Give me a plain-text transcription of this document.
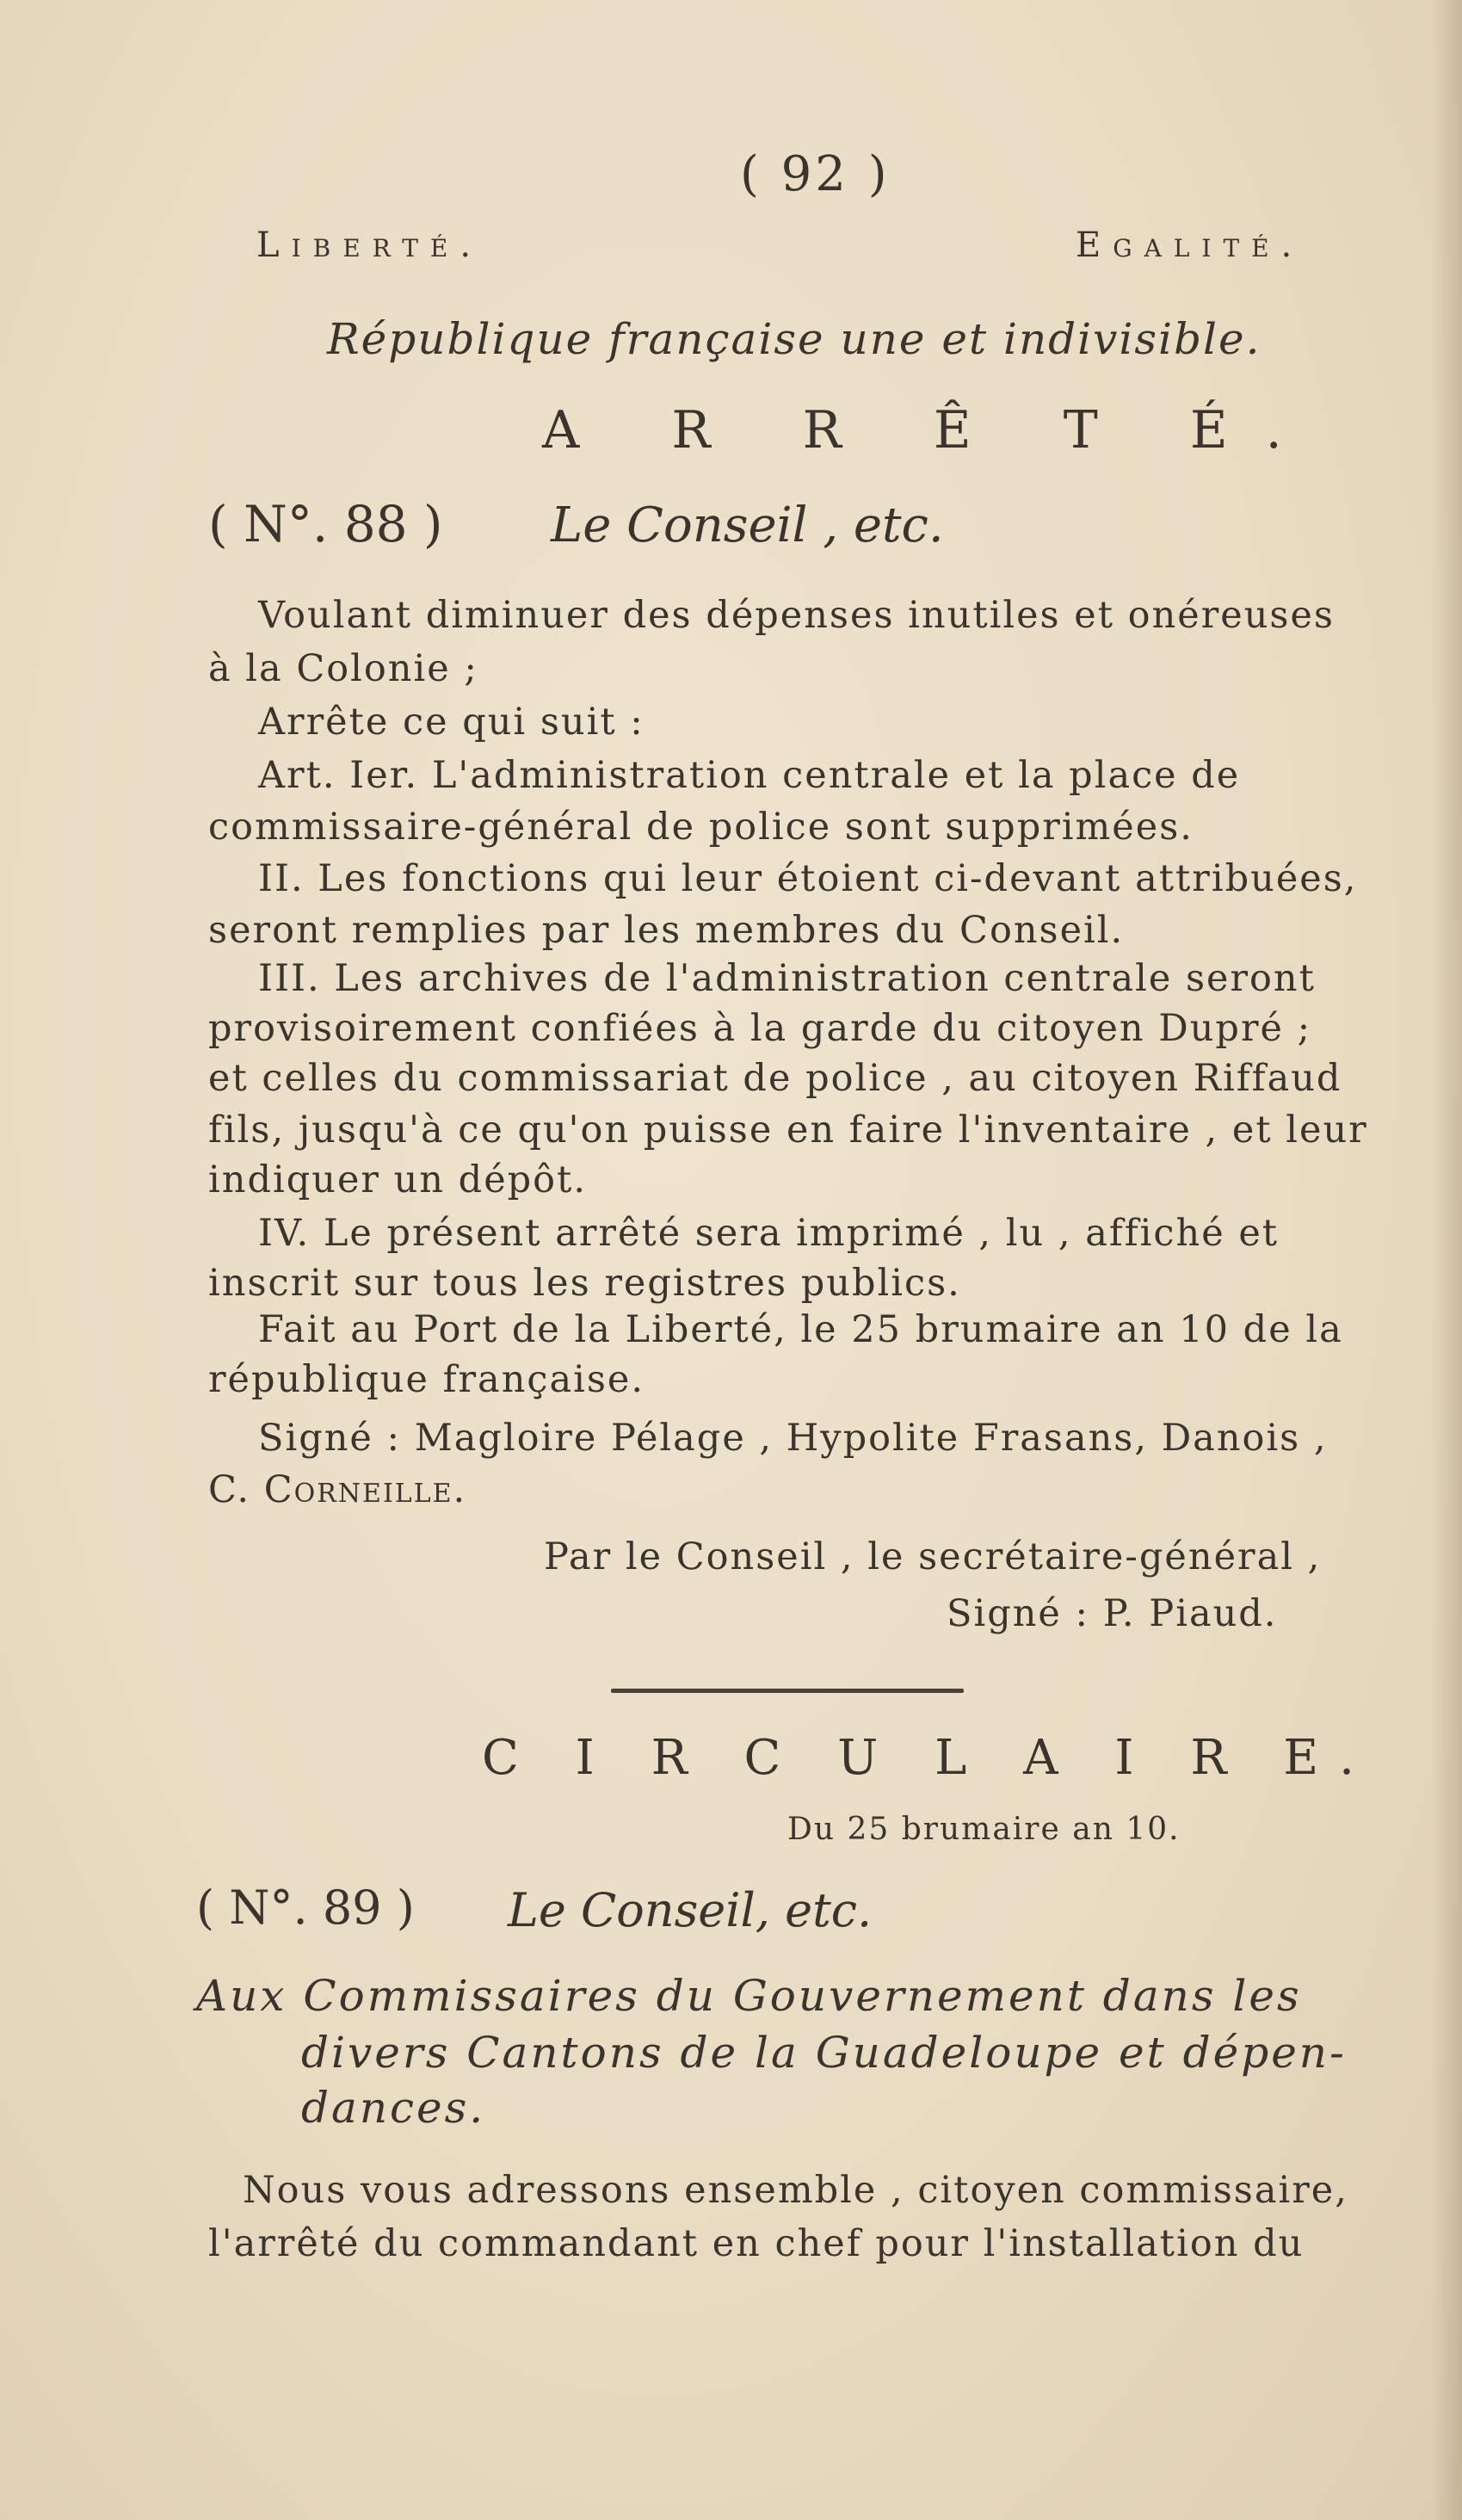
( 92 )
Liberté.	Egalité.
République française une et indivisible.
A R R Ê T É.
( N°. 88 ) Le Conseil , etc.
Voulant diminuer des dépenses inutiles et onéreuses
à la Colonie ;
Arrête ce qui suit :
Art. Ier. L'administration centrale et la place de
commissaire-général de police sont supprimées.
II. Les fonctions qui leur étoient ci-devant attribuées,
seront remplies par les membres du Conseil.
III. Les archives de l'administration centrale seront
provisoirement confiées à la garde du citoyen Dupré ;
et celles du commissariat de police , au citoyen Riffaud
fils, jusqu'à ce qu'on puisse en faire l'inventaire , et leur
indiquer un dépôt.
IV. Le présent arrêté sera imprimé , lu , affiché et
inscrit sur tous les registres publics.
Fait au Port de la Liberté, le 25 brumaire an 10 de la
république française.
Signé : Magloire Pélage , Hypolite Frasans, Danois ,
C. Corneille.
Par le Conseil , le secrétaire-général ,
Signé : P. Piaud.
C I R C U L A I R E.
Du 25 brumaire an 10.
( N°. 89 ) Le Conseil, etc.
Aux Commissaires du Gouvernement dans les
divers Cantons de la Guadeloupe et dépen-
dances.
Nous vous adressons ensemble , citoyen commissaire,
l'arrêté du commandant en chef pour l'installation du
